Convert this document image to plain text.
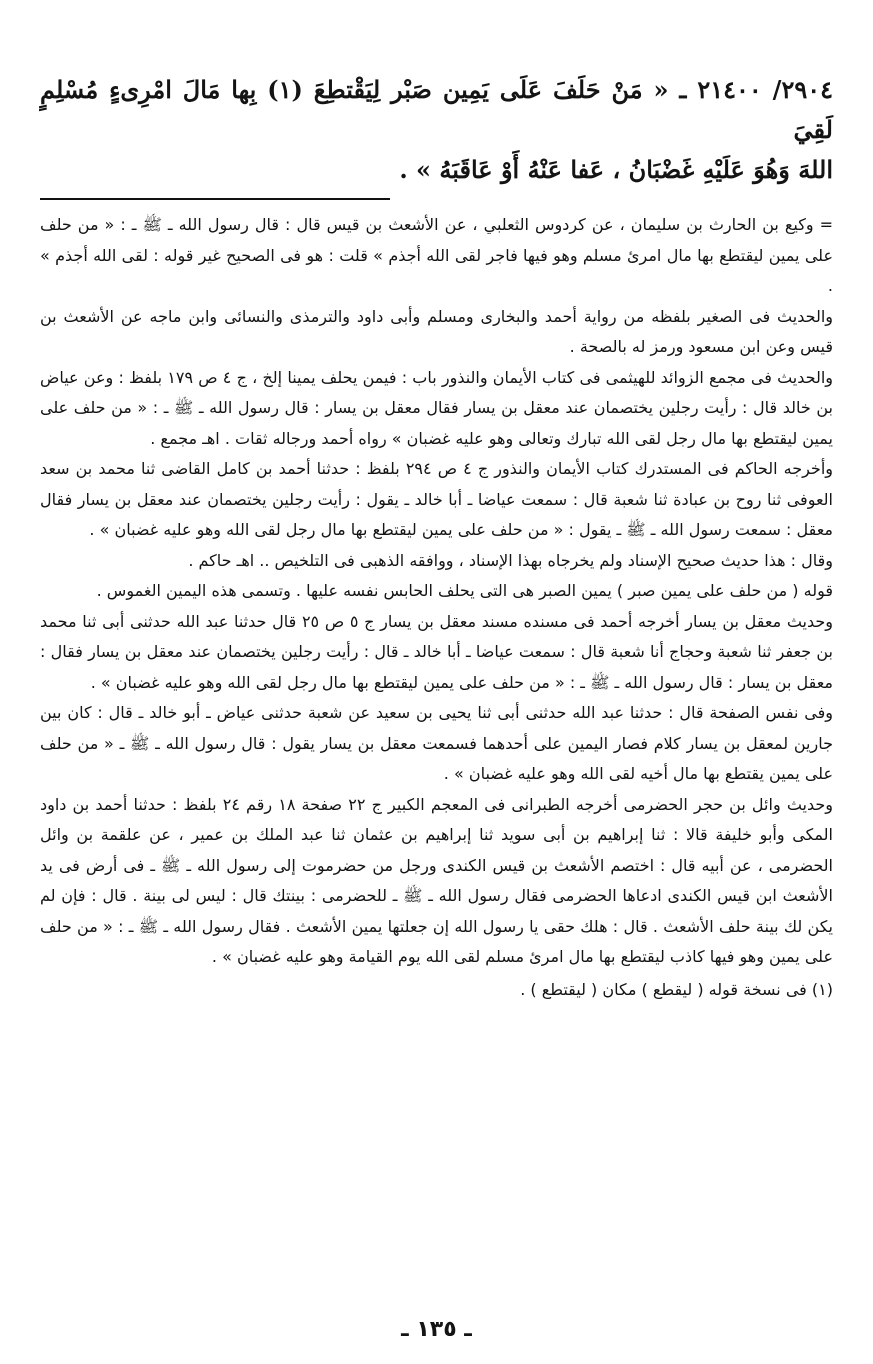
٢٩٠٤/ ٢١٤٠٠ ـ « مَنْ حَلَفَ عَلَى يَمِين صَبْر لِيَقْتطِعَ (١) بِها مَالَ امْرِىءٍ مُسْلِمٍ لَقِيَ
اللهَ وَهُوَ عَلَيْهِ غَضْبَانُ ، عَفا عَنْهُ أَوْ عَاقَبَهُ » .

= وكيع بن الحارث بن سليمان ، عن كردوس الثعلبي ، عن الأشعث بن قيس قال : قال رسول الله ـ ﷺ ـ : « من حلف على يمين ليقتطع بها مال امرئ مسلم وهو فيها فاجر لقى الله أجذم » قلت : هو فى الصحيح غير قوله : لقى الله أجذم » .

والحديث فى الصغير بلفظه من رواية أحمد والبخارى ومسلم وأبى داود والترمذى والنسائى وابن ماجه عن الأشعث بن قيس وعن ابن مسعود ورمز له بالصحة .

والحديث فى مجمع الزوائد للهيثمى فى كتاب الأيمان والنذور باب : فيمن يحلف يمينا إلخ ، ج ٤ ص ١٧٩ بلفظ : وعن عياض بن خالد قال : رأيت رجلين يختصمان عند معقل بن يسار فقال معقل بن يسار : قال رسول الله ـ ﷺ ـ : « من حلف على يمين ليقتطع بها مال رجل لقى الله تبارك وتعالى وهو عليه غضبان » رواه أحمد ورجاله ثقات . اهـ مجمع .

وأخرجه الحاكم فى المستدرك كتاب الأيمان والنذور ج ٤ ص ٢٩٤ بلفظ : حدثنا أحمد بن كامل القاضى ثنا محمد بن سعد العوفى ثنا روح بن عبادة ثنا شعبة قال : سمعت عياضا ـ أبا خالد ـ يقول : رأيت رجلين يختصمان عند معقل بن يسار فقال معقل : سمعت رسول الله ـ ﷺ ـ يقول : « من حلف على يمين ليقتطع بها مال رجل لقى الله وهو عليه غضبان » .

وقال : هذا حديث صحيح الإسناد ولم يخرجاه بهذا الإسناد ، ووافقه الذهبى فى التلخيص .. اهـ حاكم .

قوله ( من حلف على يمين صبر ) يمين الصبر هى التى يحلف الحابس نفسه عليها . وتسمى هذه اليمين الغموس .

وحديث معقل بن يسار أخرجه أحمد فى مسنده مسند معقل بن يسار ج ٥ ص ٢٥ قال حدثنا عبد الله حدثنى أبى ثنا محمد بن جعفر ثنا شعبة وحجاج أنا شعبة قال : سمعت عياضا ـ أبا خالد ـ قال : رأيت رجلين يختصمان عند معقل بن يسار فقال : معقل بن يسار : قال رسول الله ـ ﷺ ـ : « من حلف على يمين ليقتطع بها مال رجل لقى الله وهو عليه غضبان » .

وفى نفس الصفحة قال : حدثنا عبد الله حدثنى أبى ثنا يحيى بن سعيد عن شعبة حدثنى عياض ـ أبو خالد ـ قال : كان بين جارين لمعقل بن يسار كلام فصار اليمين على أحدهما فسمعت معقل بن يسار يقول : قال رسول الله ـ ﷺ ـ « من حلف على يمين يقتطع بها مال أخيه لقى الله وهو عليه غضبان » .

وحديث وائل بن حجر الحضرمى أخرجه الطبرانى فى المعجم الكبير ج ٢٢ صفحة ١٨ رقم ٢٤ بلفظ : حدثنا أحمد بن داود المكى وأبو خليفة قالا : ثنا إبراهيم بن أبى سويد ثنا إبراهيم بن عثمان ثنا عبد الملك بن عمير ، عن علقمة بن وائل الحضرمى ، عن أبيه قال : اختصم الأشعث بن قيس الكندى ورجل من حضرموت إلى رسول الله ـ ﷺ ـ فى أرض فى يد الأشعث ابن قيس الكندى ادعاها الحضرمى فقال رسول الله ـ ﷺ ـ للحضرمى : بينتك قال : ليس لى بينة . قال : فإن لم يكن لك بينة حلف الأشعث . قال : هلك حقى يا رسول الله إن جعلتها يمين الأشعث . فقال رسول الله ـ ﷺ ـ : « من حلف على يمين وهو فيها كاذب ليقتطع بها مال امرئ مسلم لقى الله يوم القيامة وهو عليه غضبان » .

(١) فى نسخة قوله ( ليقطع ) مكان ( ليقتطع ) .
ـ ١٣٥ ـ
